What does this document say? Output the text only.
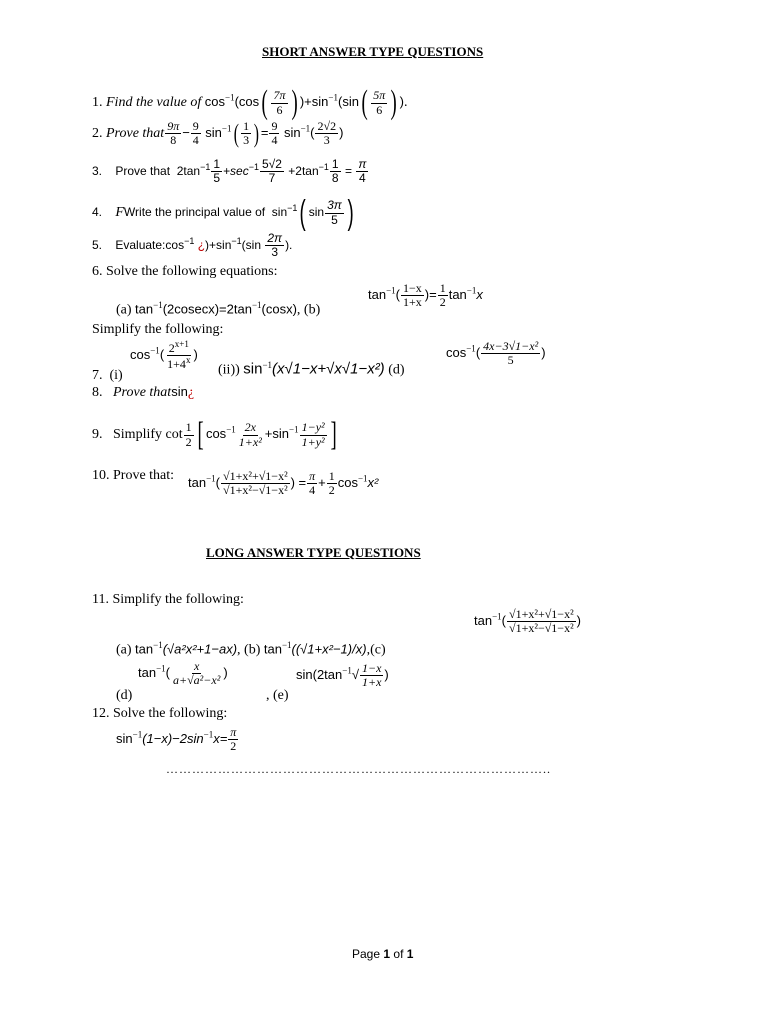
SHORT ANSWER TYPE QUESTIONS
1. Find the value of $\cos^{-1}(\cos( \frac{7\pi}{6}$ ) )$+\sin^{-1}(\sin( \frac{5\pi}{6}$ ) ).
2. Prove that $\frac{9\pi}{8} - \frac{9}{4} \sin^{-1}( \frac{1}{3}$ ) = $\frac{9}{4} \sin^{-1}( \frac{2√2}{3}$ )
3. Prove that $2\tan^{-1} \frac{1}{5} +\sec^{-1} \frac{5√2}{7} +2\tan^{-1} \frac{1}{8} = \frac{\pi}{4}$
4. FWrite the principal value of $\sin^{-1}$( $\sin \frac{3\pi}{5}$ )
5. $Evaluate:\cos^{-1}$ ¿)$+\sin^{-1}(\sin \frac{2\pi}{3}$ ).
6. Solve the following equations:
(a) $\tan^{-1}(2cosecx)=2\tan^{-1}(\cos x)$, (b)
$\tan^{-1}( \frac{1-x}{1+x}$ )= $\frac{1}{2} \tan^{-1}x$
Simplify the following:
$\cos^{-1}( \frac{2^{x+1}}{1+4^x}$ )
7. (i)	(ii)) $\sin^{-1}(x√1-x+√x√1-x^2)$ (d)
$\cos^{-1}( \frac{\text{4x−3√1−x²}}{5}$ )
8. Prove thatsin¿
9. Simplify $\cot \frac{1}{2}$ [ $\cos^{-1} \frac{2x}{\text{1+x²}} +\sin^{-1} \frac{\text{1−y²}}{\text{1+y²}}$ ]
10. Prove that: $\tan^{-1}( \frac{\text{√1+x²+√1−x²}}{\text{√1+x²−√1−x²}}$ ) = $\frac{\pi}{4} + \frac{1}{2} \cos^{-1}x^2$
LONG ANSWER TYPE QUESTIONS
11. Simplify the following:
(a) $\tan^{-1}(√a^2x^2+1-ax)$, (b) $\tan^{-1}((√1+x^2-1)/x),(c)$
$\tan^{-1}( \frac{\text{√1+x²+√1−x²}}{\text{√1+x²−√1−x²}}$ )
$\tan^{-1}( \frac{x}{\text{a+√a²−x²}}$ )
(d)	, (e)
$\sin(2\tan^{-1}√ \frac{1-x}{1+x}$ )
12. Solve the following:
$\sin^{-1}(1-x)-2\sin^{-1}x= \frac{\pi}{2}$
……………………………………………………………………………..
Page 1 of 1
